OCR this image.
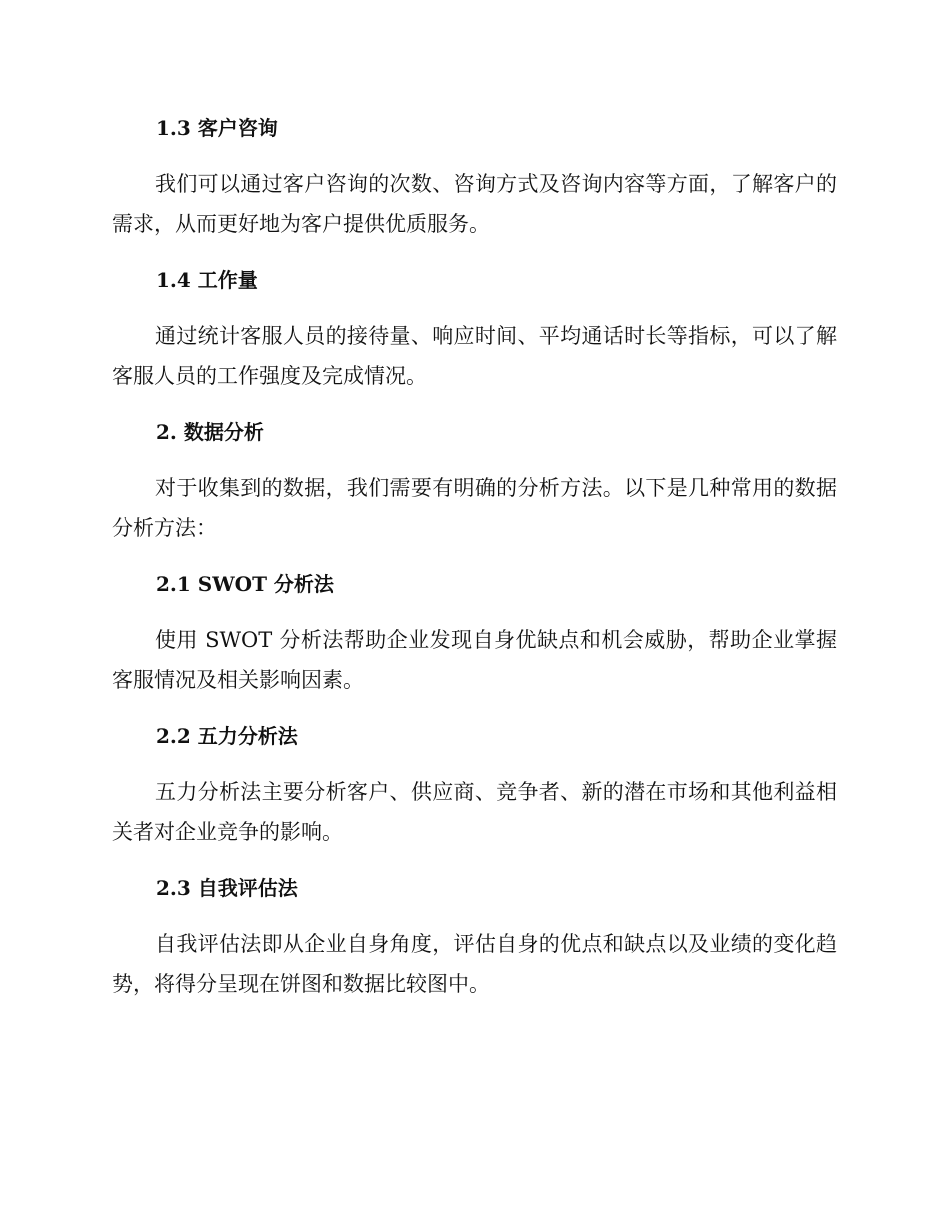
1.3 客户咨询
我们可以通过客户咨询的次数、咨询方式及咨询内容等方面，了解客户的需求，从而更好地为客户提供优质服务。
1.4 工作量
通过统计客服人员的接待量、响应时间、平均通话时长等指标，可以了解客服人员的工作强度及完成情况。
2. 数据分析
对于收集到的数据，我们需要有明确的分析方法。以下是几种常用的数据分析方法：
2.1 SWOT 分析法
使用 SWOT 分析法帮助企业发现自身优缺点和机会威胁，帮助企业掌握客服情况及相关影响因素。
2.2 五力分析法
五力分析法主要分析客户、供应商、竞争者、新的潜在市场和其他利益相关者对企业竞争的影响。
2.3 自我评估法
自我评估法即从企业自身角度，评估自身的优点和缺点以及业绩的变化趋势，将得分呈现在饼图和数据比较图中。
